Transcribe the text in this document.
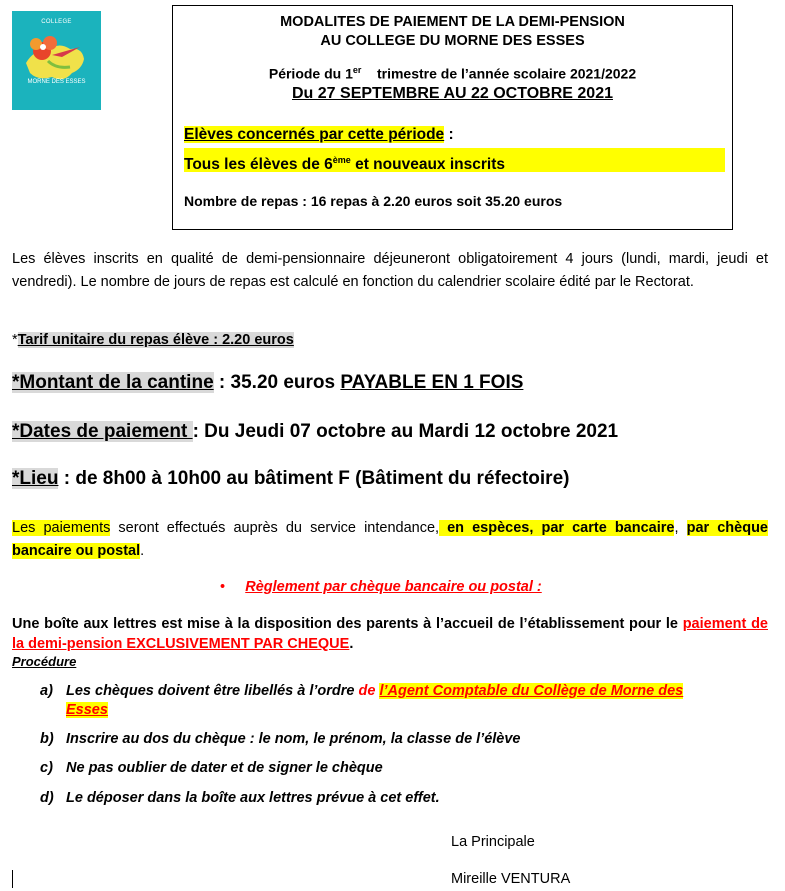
COLLEGE
MORNE DES ESSES
MODALITES DE PAIEMENT DE LA DEMI-PENSION
AU COLLEGE DU MORNE DES ESSES
Période du 1er trimestre de l’année scolaire 2021/2022
Du 27 SEPTEMBRE AU 22 OCTOBRE 2021
Elèves concernés par cette période :
Tous les élèves de 6ème et nouveaux inscrits
Nombre de repas : 16 repas à 2.20 euros soit 35.20 euros
Les élèves inscrits en qualité de demi-pensionnaire déjeuneront obligatoirement 4 jours (lundi, mardi, jeudi et vendredi). Le nombre de jours de repas est calculé en fonction du calendrier scolaire édité par le Rectorat.
*Tarif unitaire du repas élève : 2.20 euros
*Montant de la cantine : 35.20 euros PAYABLE EN 1 FOIS
*Dates de paiement : Du Jeudi 07 octobre au Mardi 12 octobre 2021
*Lieu : de 8h00 à 10h00 au bâtiment F (Bâtiment du réfectoire)
Les paiements seront effectués auprès du service intendance, en espèces, par carte bancaire, par chèque bancaire ou postal.
• Règlement par chèque bancaire ou postal :
Une boîte aux lettres est mise à la disposition des parents à l’accueil de l’établissement pour le paiement de la demi-pension EXCLUSIVEMENT PAR CHEQUE.
Procédure
a) Les chèques doivent être libellés à l’ordre de l’Agent Comptable du Collège de Morne des
Esses
b) Inscrire au dos du chèque : le nom, le prénom, la classe de l’élève
c) Ne pas oublier de dater et de signer le chèque
d) Le déposer dans la boîte aux lettres prévue à cet effet.
La Principale
Mireille VENTURA
